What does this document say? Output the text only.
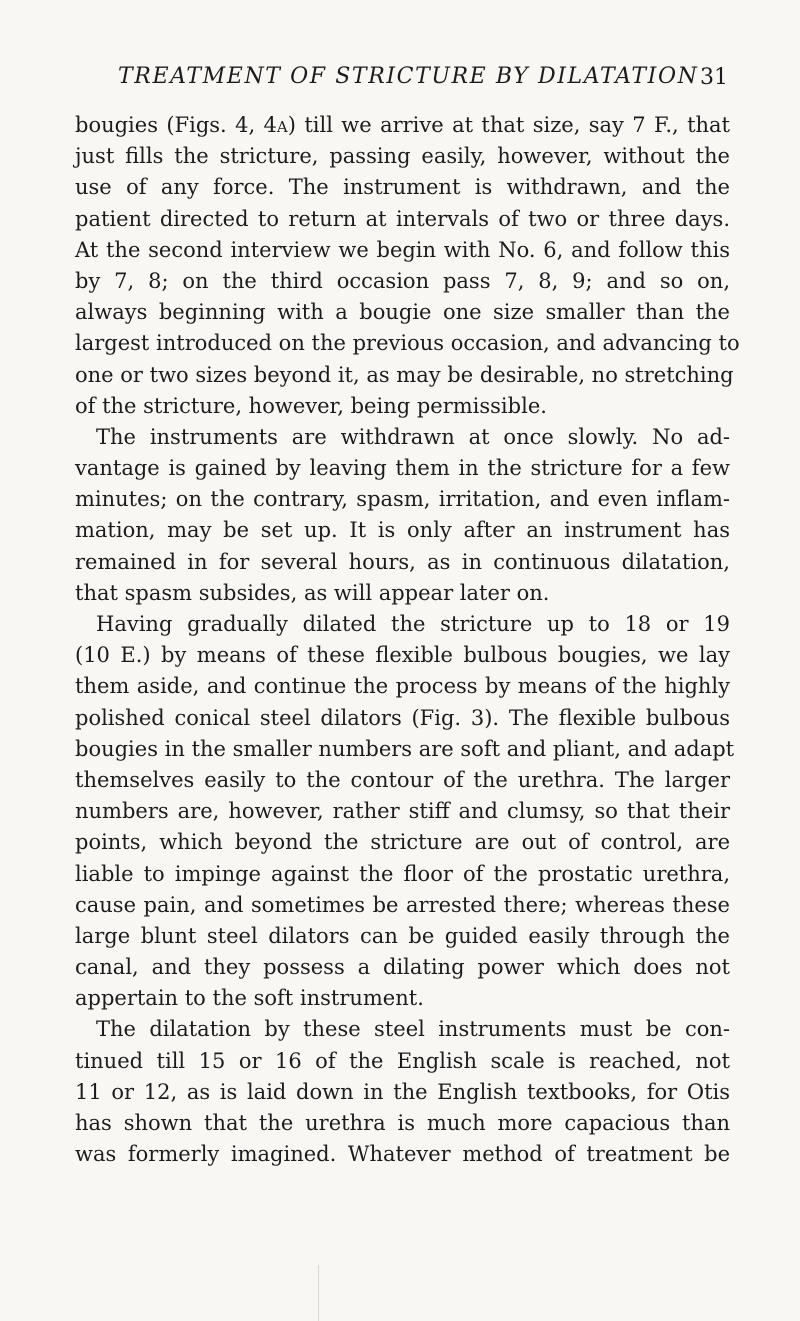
TREATMENT OF STRICTURE BY DILATATION 31
bougies (Figs. 4, 4a) till we arrive at that size, say 7 F., that
just fills the stricture, passing easily, however, without the
use of any force. The instrument is withdrawn, and the
patient directed to return at intervals of two or three days.
At the second interview we begin with No. 6, and follow this
by 7, 8; on the third occasion pass 7, 8, 9; and so on,
always beginning with a bougie one size smaller than the
largest introduced on the previous occasion, and advancing to
one or two sizes beyond it, as may be desirable, no stretching
of the stricture, however, being permissible.
The instruments are withdrawn at once slowly. No ad-
vantage is gained by leaving them in the stricture for a few
minutes; on the contrary, spasm, irritation, and even inflam-
mation, may be set up. It is only after an instrument has
remained in for several hours, as in continuous dilatation,
that spasm subsides, as will appear later on.
Having gradually dilated the stricture up to 18 or 19
(10 E.) by means of these flexible bulbous bougies, we lay
them aside, and continue the process by means of the highly
polished conical steel dilators (Fig. 3). The flexible bulbous
bougies in the smaller numbers are soft and pliant, and adapt
themselves easily to the contour of the urethra. The larger
numbers are, however, rather stiff and clumsy, so that their
points, which beyond the stricture are out of control, are
liable to impinge against the floor of the prostatic urethra,
cause pain, and sometimes be arrested there; whereas these
large blunt steel dilators can be guided easily through the
canal, and they possess a dilating power which does not
appertain to the soft instrument.
The dilatation by these steel instruments must be con-
tinued till 15 or 16 of the English scale is reached, not
11 or 12, as is laid down in the English textbooks, for Otis
has shown that the urethra is much more capacious than
was formerly imagined. Whatever method of treatment be
